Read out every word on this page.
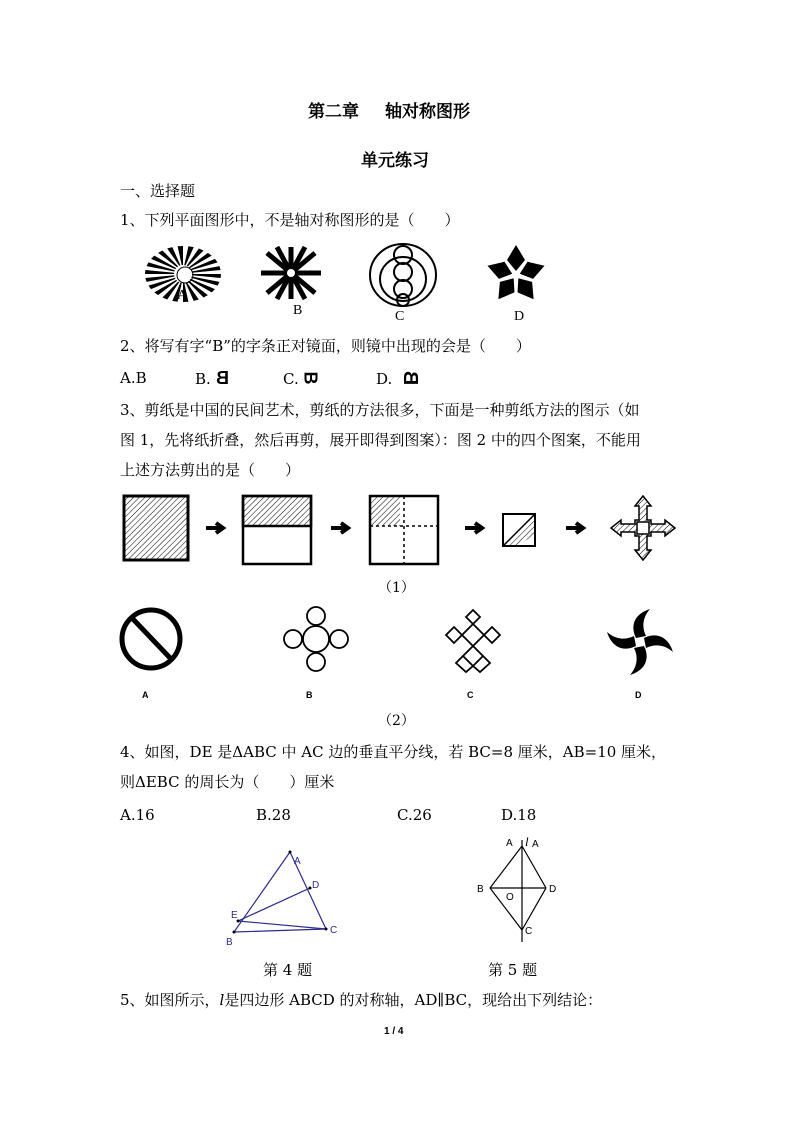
第二章 轴对称图形
单元练习
一、选择题
1、下列平面图形中，不是轴对称图形的是（　　）
A
B	C	D
2、将写有字“B”的字条正对镜面，则镜中出现的会是（　　）
A.B	B. B	C. B	D. B
3、剪纸是中国的民间艺术，剪纸的方法很多，下面是一种剪纸方法的图示（如
图 1，先将纸折叠，然后再剪，展开即得到图案）：图 2 中的四个图案，不能用
上述方法剪出的是（　　）
（1）
A	B	C	D
（2）
4、如图，DE 是ΔABC 中 AC 边的垂直平分线，若 BC=8 厘米，AB=10 厘米，
则ΔEBC 的周长为（　　）厘米
A.16	B.28	C.26	D.18
A
D
E
B
C
A l A
B
O
D
C
第 4 题	第 5 题
5、如图所示，l是四边形 ABCD 的对称轴，AD∥BC，现给出下列结论：
1 / 4
